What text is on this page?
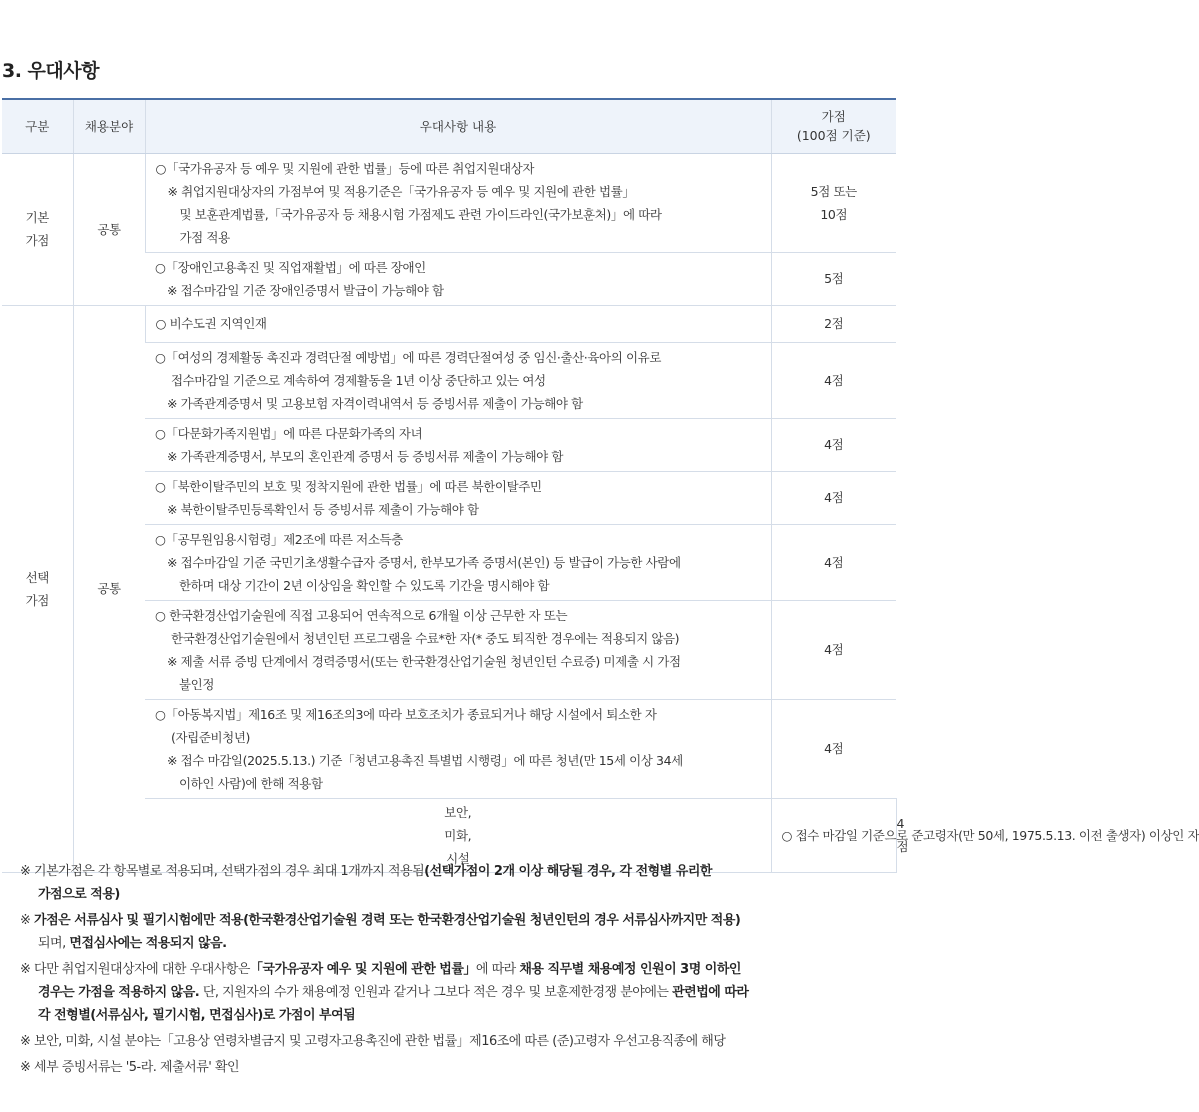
3. 우대사항
구분	채용분야	우대사항 내용	가점
(100점 기준)	

기본
가점	공통	○「국가유공자 등 예우 및 지원에 관한 법률」등에 따른 취업지원대상자
※ 취업지원대상자의 가점부여 및 적용기준은「국가유공자 등 예우 및 지원에 관한 법률」
및 보훈관계법률,「국가유공자 등 채용시험 가점제도 관련 가이드라인(국가보훈처)」에 따라
가점 적용	5점 또는
10점	

		○「장애인고용촉진 및 직업재활법」에 따른 장애인
※ 접수마감일 기준 장애인증명서 발급이 가능해야 함	5점	

선택
가점	공통	○ 비수도권 지역인재	2점	

		○「여성의 경제활동 촉진과 경력단절 예방법」에 따른 경력단절여성 중 임신·출산·육아의 이유로
접수마감일 기준으로 계속하여 경제활동을 1년 이상 중단하고 있는 여성
※ 가족관계증명서 및 고용보험 자격이력내역서 등 증빙서류 제출이 가능해야 함	4점	

		○「다문화가족지원법」에 따른 다문화가족의 자녀
※ 가족관계증명서, 부모의 혼인관계 증명서 등 증빙서류 제출이 가능해야 함	4점	

		○「북한이탈주민의 보호 및 정착지원에 관한 법률」에 따른 북한이탈주민
※ 북한이탈주민등록확인서 등 증빙서류 제출이 가능해야 함	4점	

		○「공무원임용시험령」제2조에 따른 저소득층
※ 접수마감일 기준 국민기초생활수급자 증명서, 한부모가족 증명서(본인) 등 발급이 가능한 사람에
한하며 대상 기간이 2년 이상임을 확인할 수 있도록 기간을 명시해야 함	4점	

		○ 한국환경산업기술원에 직접 고용되어 연속적으로 6개월 이상 근무한 자 또는
한국환경산업기술원에서 청년인턴 프로그램을 수료*한 자(* 중도 퇴직한 경우에는 적용되지 않음)
※ 제출 서류 증빙 단계에서 경력증명서(또는 한국환경산업기술원 청년인턴 수료증) 미제출 시 가점
불인정	4점	

		○「아동복지법」제16조 및 제16조의3에 따라 보호조치가 종료되거나 해당 시설에서 퇴소한 자
(자립준비청년)
※ 접수 마감일(2025.5.13.) 기준「청년고용촉진 특별법 시행령」에 따른 청년(만 15세 이상 34세
이하인 사람)에 한해 적용함	4점	

		보안,
미화,
시설	○ 접수 마감일 기준으로 준고령자(만 50세, 1975.5.13. 이전 출생자) 이상인 자	4점
※ 기본가점은 각 항목별로 적용되며, 선택가점의 경우 최대 1개까지 적용됨(선택가점이 2개 이상 해당될 경우, 각 전형별 유리한
가점으로 적용)
※ 가점은 서류심사 및 필기시험에만 적용(한국환경산업기술원 경력 또는 한국환경산업기술원 청년인턴의 경우 서류심사까지만 적용)
되며, 면접심사에는 적용되지 않음.
※ 다만 취업지원대상자에 대한 우대사항은「국가유공자 예우 및 지원에 관한 법률」에 따라 채용 직무별 채용예정 인원이 3명 이하인
경우는 가점을 적용하지 않음. 단, 지원자의 수가 채용예정 인원과 같거나 그보다 적은 경우 및 보훈제한경쟁 분야에는 관련법에 따라
각 전형별(서류심사, 필기시험, 면접심사)로 가점이 부여됨
※ 보안, 미화, 시설 분야는「고용상 연령차별금지 및 고령자고용촉진에 관한 법률」제16조에 따른 (준)고령자 우선고용직종에 해당
※ 세부 증빙서류는 '5-라. 제출서류' 확인
